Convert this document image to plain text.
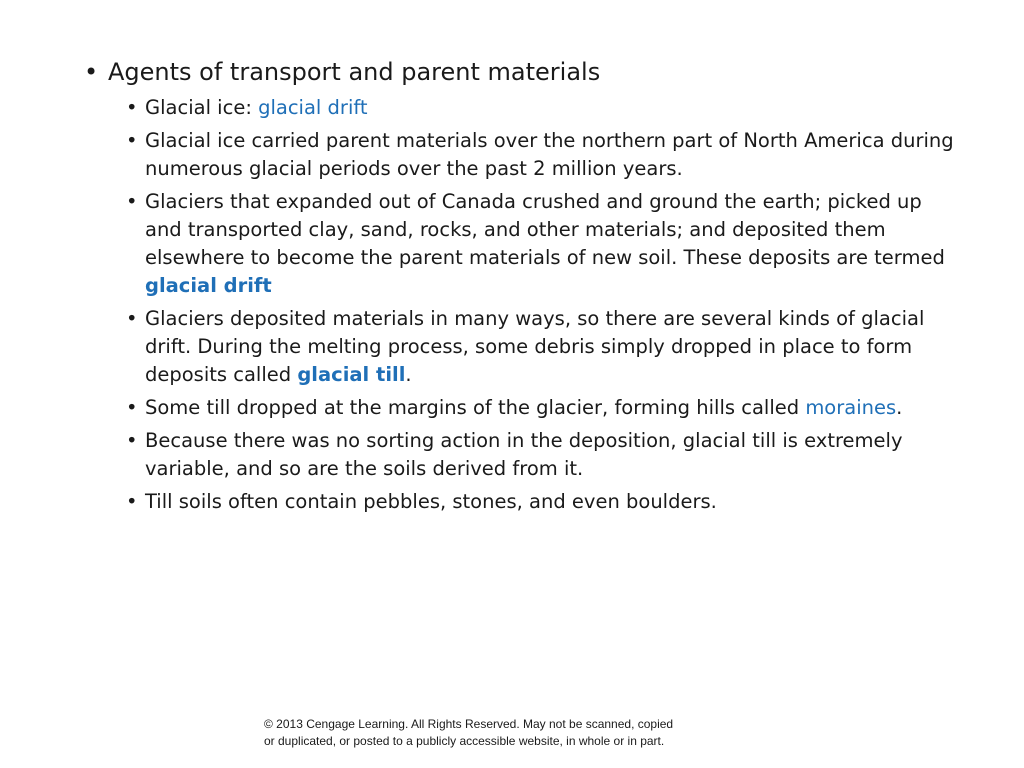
• Agents of transport and parent materials
• Glacial ice: glacial drift
• Glacial ice carried parent materials over the northern part of North America during numerous glacial periods over the past 2 million years.
• Glaciers that expanded out of Canada crushed and ground the earth; picked up and transported clay, sand, rocks, and other materials; and deposited them elsewhere to become the parent materials of new soil. These deposits are termed glacial drift
• Glaciers deposited materials in many ways, so there are several kinds of glacial drift. During the melting process, some debris simply dropped in place to form deposits called glacial till.
• Some till dropped at the margins of the glacier, forming hills called moraines.
• Because there was no sorting action in the deposition, glacial till is extremely variable, and so are the soils derived from it.
• Till soils often contain pebbles, stones, and even boulders.
© 2013 Cengage Learning. All Rights Reserved. May not be scanned, copied
or duplicated, or posted to a publicly accessible website, in whole or in part.
